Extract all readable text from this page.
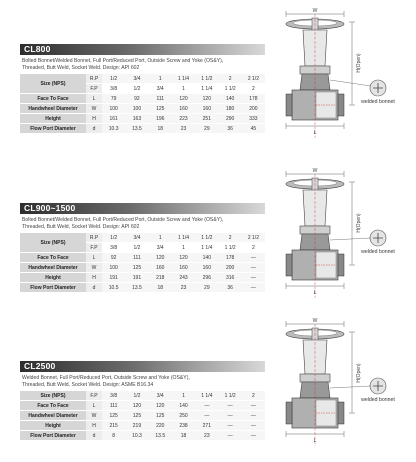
CL800
Bolted Bonnet/Welded Bonnet, Full Port/Reduced Port, Outside Screw and Yoke (OS&Y),
Threaded, Butt Weld, Socket Weld. Design: API 602
Size (NPS)	R.P	1/2	3/4	1	1 1/4	1 1/2	2	2 1/2
	F.P	3/8	1/2	3/4	1	1 1/4	1 1/2	2
Face To Face	L	79	92	111	120	120	140	178
Handwheel Diameter	W	100	100	125	160	160	180	200
Height	H	161	163	196	223	251	290	333
Flow Port Diameter	d	10.3	13.5	18	23	29	36	45
CL900~1500
Bolted Bonnet/Welded Bonnet, Full Port/Reduced Port, Outside Screw and Yoke (OS&Y),
Threaded, Butt Weld, Socket Weld. Design: API 602
Size (NPS)	R.P	1/2	3/4	1	1 1/4	1 1/2	2	2 1/2
	F.P	3/8	1/2	3/4	1	1 1/4	1 1/2	2
Face To Face	L	92	111	120	120	140	178	—
Handwheel Diameter	W	100	125	160	160	160	200	—
Height	H	191	191	218	243	296	316	—
Flow Port Diameter	d	10.5	13.5	18	23	29	36	—
CL2500
Welded Bonnet, Full Port/Reduced Port, Outside Screw and Yoke (OS&Y),
Threaded, Butt Weld, Socket Weld. Design: ASME B16.34
Size (NPS)	F.P	3/8	1/2	3/4	1	1 1/4	1 1/2	2
Face To Face	L	111	120	120	140	—	—	—
Handwheel Diameter	W	125	125	125	250	—	—	—
Height	H	215	219	220	238	271	—	—
Flow Port Diameter	d	8	10.3	13.5	18	23	—	—
W
H(Open)
L
welded bonnet
W
H(Open)
L
welded bonnet
W
H(Open)
L
welded bonnet
